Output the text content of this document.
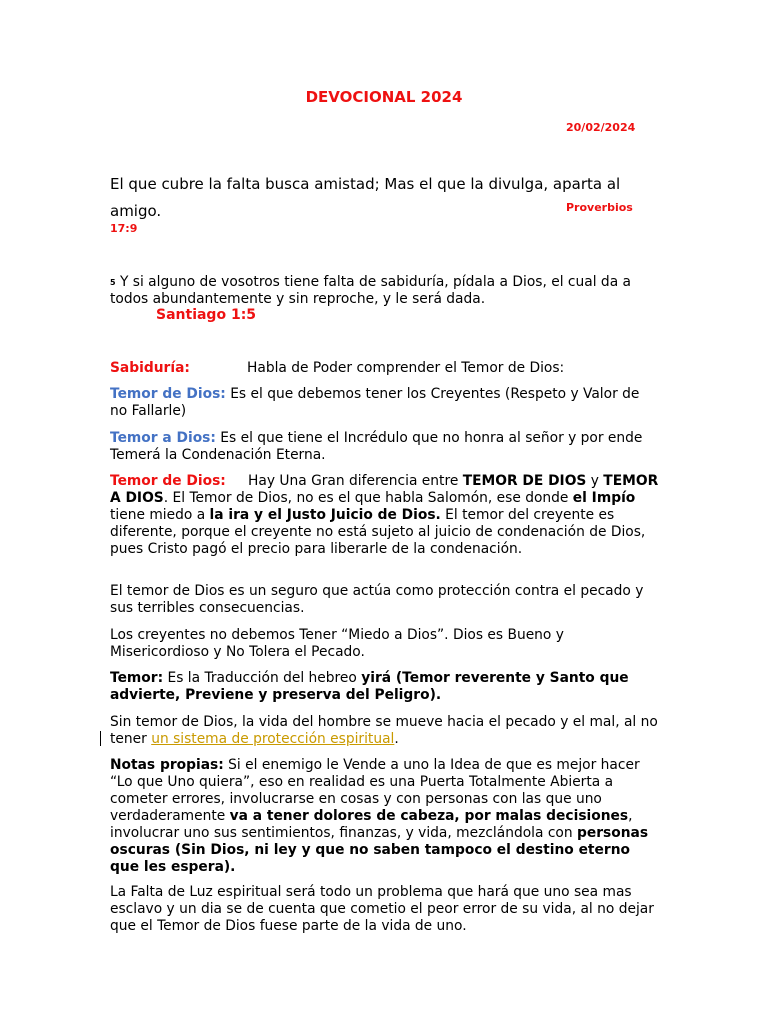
DEVOCIONAL 2024
20/02/2024
El que cubre la falta busca amistad; Mas el que la divulga, aparta al amigo.	Proverbios
17:9
$^5$ Y si alguno de vosotros tiene falta de sabiduría, pídala a Dios, el cual da a todos abundantemente y sin reproche, y le será dada.
Santiago 1:5
Sabiduría:	Habla de Poder comprender el Temor de Dios:
Temor de Dios: Es el que debemos tener los Creyentes (Respeto y Valor de no Fallarle)
Temor a Dios: Es el que tiene el Incrédulo que no honra al señor y por ende Temerá la Condenación Eterna.
Temor de Dios: Hay Una Gran diferencia entre TEMOR DE DIOS y TEMOR A DIOS. El Temor de Dios, no es el que habla Salomón, ese donde el Impío tiene miedo a la ira y el Justo Juicio de Dios. El temor del creyente es diferente, porque el creyente no está sujeto al juicio de condenación de Dios, pues Cristo pagó el precio para liberarle de la condenación.
El temor de Dios es un seguro que actúa como protección contra el pecado y sus terribles consecuencias.
Los creyentes no debemos Tener “Miedo a Dios”. Dios es Bueno y Misericordioso y No Tolera el Pecado.
Temor: Es la Traducción del hebreo yirá (Temor reverente y Santo que advierte, Previene y preserva del Peligro).
Sin temor de Dios, la vida del hombre se mueve hacia el pecado y el mal, al no tener un sistema de protección espiritual.
Notas propias: Si el enemigo le Vende a uno la Idea de que es mejor hacer “Lo que Uno quiera”, eso en realidad es una Puerta Totalmente Abierta a cometer errores, involucrarse en cosas y con personas con las que uno verdaderamente va a tener dolores de cabeza, por malas decisiones, involucrar uno sus sentimientos, finanzas, y vida, mezclándola con personas oscuras (Sin Dios, ni ley y que no saben tampoco el destino eterno que les espera).
La Falta de Luz espiritual será todo un problema que hará que uno sea mas esclavo y un dia se de cuenta que cometio el peor error de su vida, al no dejar que el Temor de Dios fuese parte de la vida de uno.
